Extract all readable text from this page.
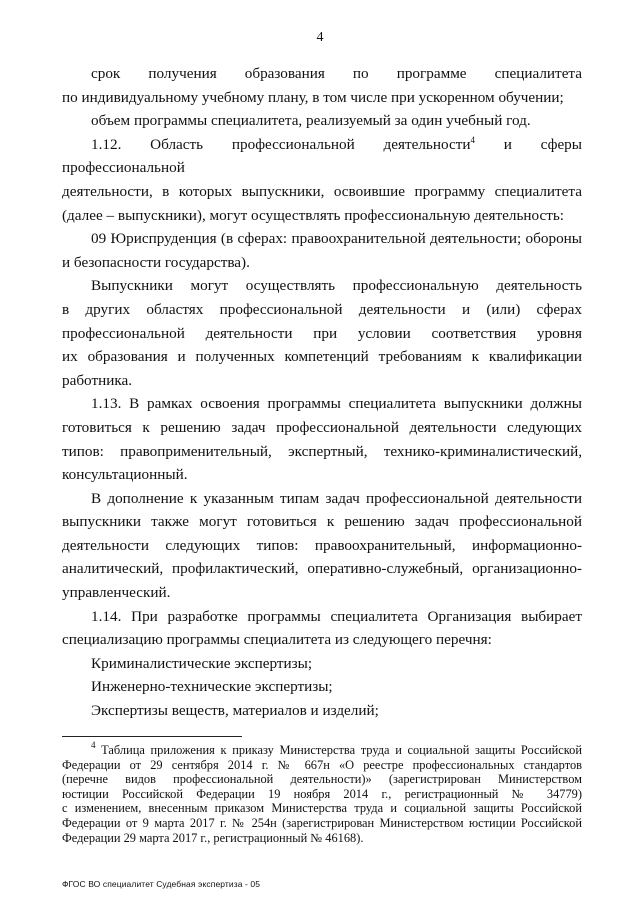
4
срок получения образования по программе специалитета
по индивидуальному учебному плану, в том числе при ускоренном обучении;
объем программы специалитета, реализуемый за один учебный год.
1.12. Область профессиональной деятельности$^4$ и сферы профессиональной
деятельности, в которых выпускники, освоившие программу специалитета
(далее – выпускники), могут осуществлять профессиональную деятельность:
09 Юриспруденция (в сферах: правоохранительной деятельности; обороны
и безопасности государства).
Выпускники могут осуществлять профессиональную деятельность
в других областях профессиональной деятельности и (или) сферах
профессиональной деятельности при условии соответствия уровня
их образования и полученных компетенций требованиям к квалификации
работника.
1.13. В рамках освоения программы специалитета выпускники должны
готовиться к решению задач профессиональной деятельности следующих
типов: правоприменительный, экспертный, технико-криминалистический,
консультационный.
В дополнение к указанным типам задач профессиональной деятельности
выпускники также могут готовиться к решению задач профессиональной
деятельности следующих типов: правоохранительный, информационно-
аналитический, профилактический, оперативно-служебный, организационно-
управленческий.
1.14. При разработке программы специалитета Организация выбирает
специализацию программы специалитета из следующего перечня:
Криминалистические экспертизы;
Инженерно-технические экспертизы;
Экспертизы веществ, материалов и изделий;
$^4$ Таблица приложения к приказу Министерства труда и социальной защиты Российской
Федерации от 29 сентября 2014 г. № 667н «О реестре профессиональных стандартов
(перечне видов профессиональной деятельности)» (зарегистрирован Министерством
юстиции Российской Федерации 19 ноября 2014 г., регистрационный № 34779)
с изменением, внесенным приказом Министерства труда и социальной защиты Российской
Федерации от 9 марта 2017 г. № 254н (зарегистрирован Министерством юстиции Российской
Федерации 29 марта 2017 г., регистрационный № 46168).
ФГОС ВО специалитет Судебная экспертиза - 05
